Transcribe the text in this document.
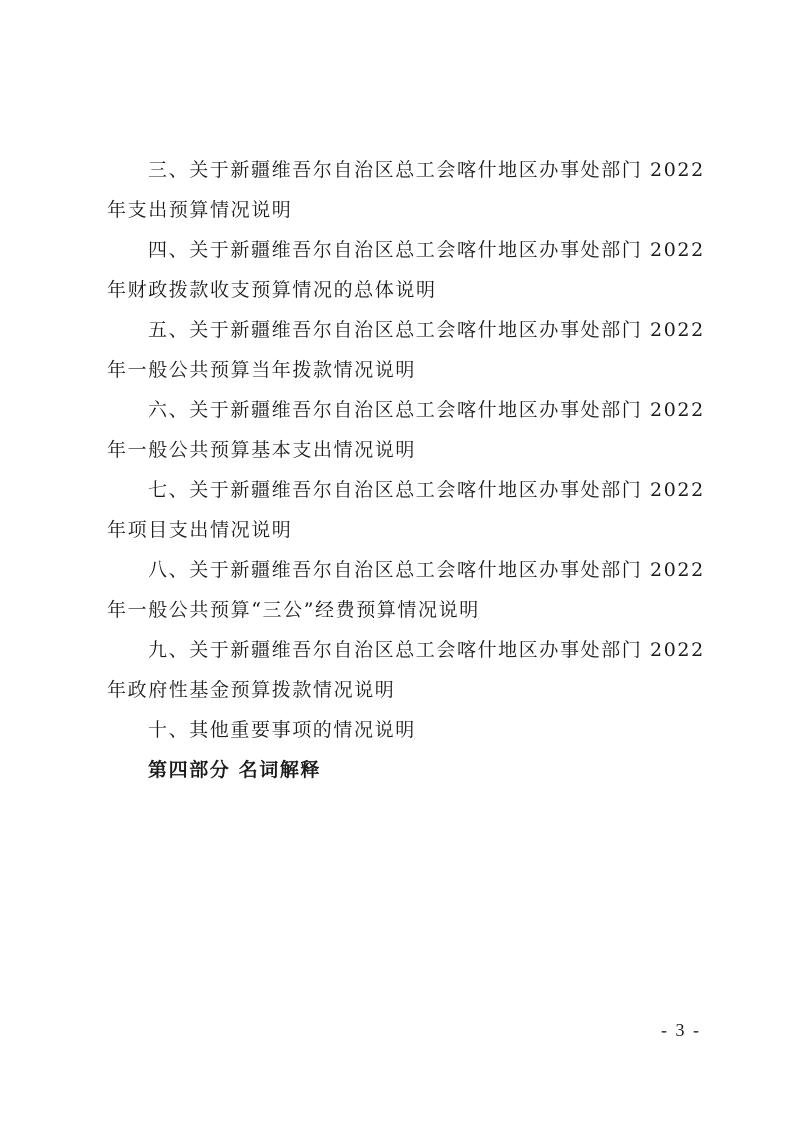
三、关于新疆维吾尔自治区总工会喀什地区办事处部门 2022
年支出预算情况说明

四、关于新疆维吾尔自治区总工会喀什地区办事处部门 2022
年财政拨款收支预算情况的总体说明

五、关于新疆维吾尔自治区总工会喀什地区办事处部门 2022
年一般公共预算当年拨款情况说明

六、关于新疆维吾尔自治区总工会喀什地区办事处部门 2022
年一般公共预算基本支出情况说明

七、关于新疆维吾尔自治区总工会喀什地区办事处部门 2022
年项目支出情况说明

八、关于新疆维吾尔自治区总工会喀什地区办事处部门 2022
年一般公共预算“三公”经费预算情况说明

九、关于新疆维吾尔自治区总工会喀什地区办事处部门 2022
年政府性基金预算拨款情况说明

十、其他重要事项的情况说明

第四部分 名词解释

- 3 -
